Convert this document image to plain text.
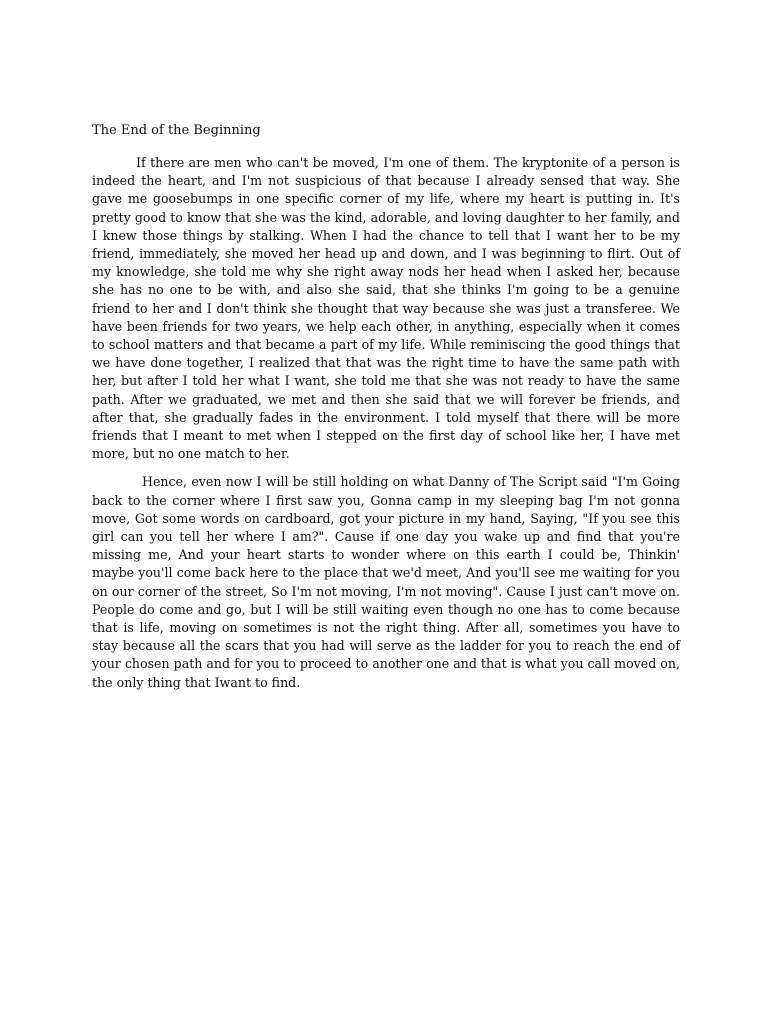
The End of the Beginning

If there are men who can't be moved, I'm one of them. The kryptonite of a person is indeed the heart, and I'm not suspicious of that because I already sensed that way. She gave me goosebumps in one specific corner of my life, where my heart is putting in. It's pretty good to know that she was the kind, adorable, and loving daughter to her family, and I knew those things by stalking. When I had the chance to tell that I want her to be my friend, immediately, she moved her head up and down, and I was beginning to flirt. Out of my knowledge, she told me why she right away nods her head when I asked her, because she has no one to be with, and also she said, that she thinks I'm going to be a genuine friend to her and I don't think she thought that way because she was just a transferee. We have been friends for two years, we help each other, in anything, especially when it comes to school matters and that became a part of my life. While reminiscing the good things that we have done together, I realized that that was the right time to have the same path with her, but after I told her what I want, she told me that she was not ready to have the same path. After we graduated, we met and then she said that we will forever be friends, and after that, she gradually fades in the environment. I told myself that there will be more friends that I meant to met when I stepped on the first day of school like her, I have met more, but no one match to her.

Hence, even now I will be still holding on what Danny of The Script said "I'm Going back to the corner where I first saw you, Gonna camp in my sleeping bag I'm not gonna move, Got some words on cardboard, got your picture in my hand, Saying, "If you see this girl can you tell her where I am?". Cause if one day you wake up and find that you're missing me, And your heart starts to wonder where on this earth I could be, Thinkin' maybe you'll come back here to the place that we'd meet, And you'll see me waiting for you on our corner of the street, So I'm not moving, I'm not moving". Cause I just can't move on. People do come and go, but I will be still waiting even though no one has to come because that is life, moving on sometimes is not the right thing. After all, sometimes you have to stay because all the scars that you had will serve as the ladder for you to reach the end of your chosen path and for you to proceed to another one and that is what you call moved on, the only thing that Iwant to find.
